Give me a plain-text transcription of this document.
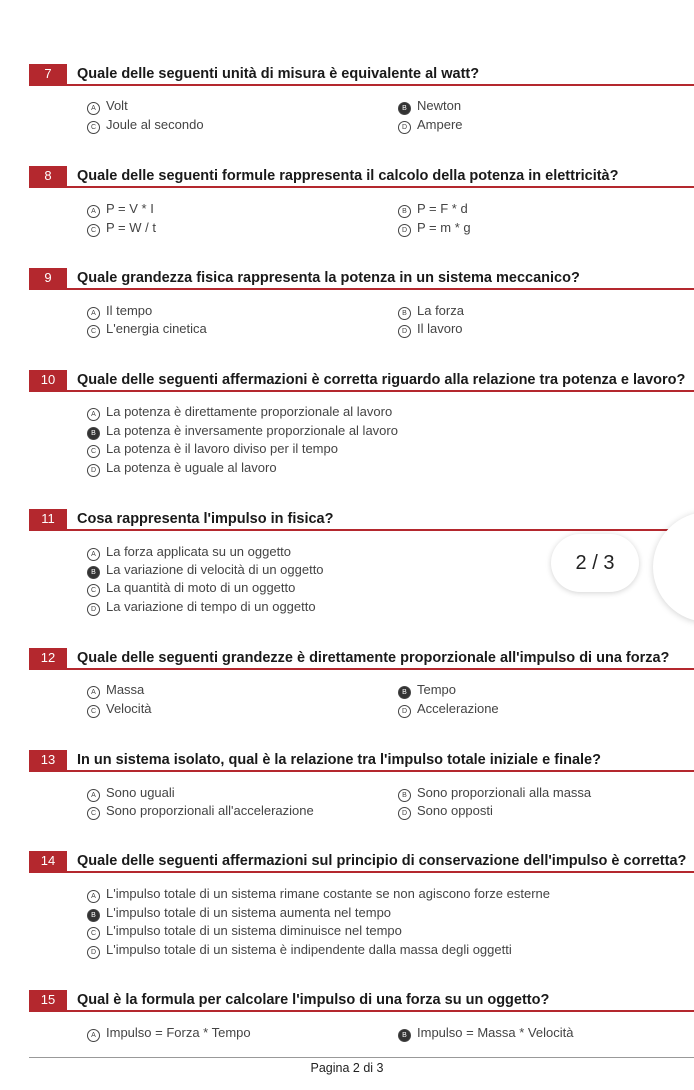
7	Quale delle seguenti unità di misura è equivalente al watt?
A Volt	B Newton
C Joule al secondo	D Ampere
8	Quale delle seguenti formule rappresenta il calcolo della potenza in elettricità?
A P = V * I	B P = F * d
C P = W / t	D P = m * g
9	Quale grandezza fisica rappresenta la potenza in un sistema meccanico?
A Il tempo	B La forza
C L'energia cinetica	D Il lavoro
10	Quale delle seguenti affermazioni è corretta riguardo alla relazione tra potenza e lavoro?
A La potenza è direttamente proporzionale al lavoro
B La potenza è inversamente proporzionale al lavoro
C La potenza è il lavoro diviso per il tempo
D La potenza è uguale al lavoro
11	Cosa rappresenta l'impulso in fisica?
A La forza applicata su un oggetto
B La variazione di velocità di un oggetto
C La quantità di moto di un oggetto
D La variazione di tempo di un oggetto
12	Quale delle seguenti grandezze è direttamente proporzionale all'impulso di una forza?
A Massa	B Tempo
C Velocità	D Accelerazione
13	In un sistema isolato, qual è la relazione tra l'impulso totale iniziale e finale?
A Sono uguali	B Sono proporzionali alla massa
C Sono proporzionali all'accelerazione	D Sono opposti
14	Quale delle seguenti affermazioni sul principio di conservazione dell'impulso è corretta?
A L'impulso totale di un sistema rimane costante se non agiscono forze esterne
B L'impulso totale di un sistema aumenta nel tempo
C L'impulso totale di un sistema diminuisce nel tempo
D L'impulso totale di un sistema è indipendente dalla massa degli oggetti
15	Qual è la formula per calcolare l'impulso di una forza su un oggetto?
A Impulso = Forza * Tempo	B Impulso = Massa * Velocità
2 / 3
Pagina 2 di 3
